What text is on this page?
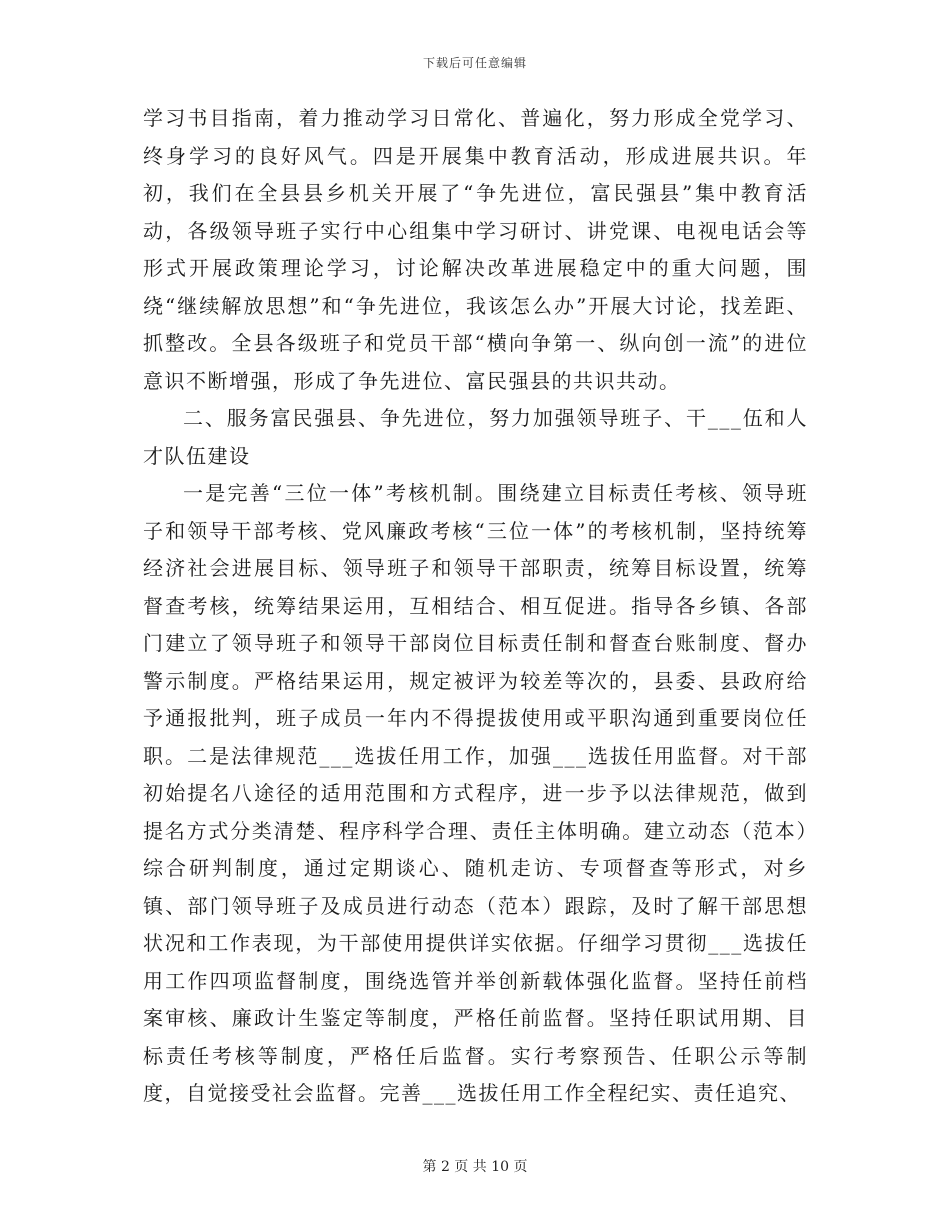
下载后可任意编辑

学习书目指南，着力推动学习日常化、普遍化，努力形成全党学习、终身学习的良好风气。四是开展集中教育活动，形成进展共识。年初，我们在全县县乡机关开展了“争先进位，富民强县”集中教育活动，各级领导班子实行中心组集中学习研讨、讲党课、电视电话会等形式开展政策理论学习，讨论解决改革进展稳定中的重大问题，围绕“继续解放思想”和“争先进位，我该怎么办”开展大讨论，找差距、抓整改。全县各级班子和党员干部“横向争第一、纵向创一流”的进位意识不断增强，形成了争先进位、富民强县的共识共动。

二、服务富民强县、争先进位，努力加强领导班子、干___伍和人才队伍建设

一是完善“三位一体”考核机制。围绕建立目标责任考核、领导班子和领导干部考核、党风廉政考核“三位一体”的考核机制，坚持统筹经济社会进展目标、领导班子和领导干部职责，统筹目标设置，统筹督查考核，统筹结果运用，互相结合、相互促进。指导各乡镇、各部门建立了领导班子和领导干部岗位目标责任制和督查台账制度、督办警示制度。严格结果运用，规定被评为较差等次的，县委、县政府给予通报批判，班子成员一年内不得提拔使用或平职沟通到重要岗位任职。二是法律规范___选拔任用工作，加强___选拔任用监督。对干部初始提名八途径的适用范围和方式程序，进一步予以法律规范，做到提名方式分类清楚、程序科学合理、责任主体明确。建立动态（范本）综合研判制度，通过定期谈心、随机走访、专项督查等形式，对乡镇、部门领导班子及成员进行动态（范本）跟踪，及时了解干部思想状况和工作表现，为干部使用提供详实依据。仔细学习贯彻___选拔任用工作四项监督制度，围绕选管并举创新载体强化监督。坚持任前档案审核、廉政计生鉴定等制度，严格任前监督。坚持任职试用期、目标责任考核等制度，严格任后监督。实行考察预告、任职公示等制度，自觉接受社会监督。完善___选拔任用工作全程纪实、责任追究、

第 2 页 共 10 页
